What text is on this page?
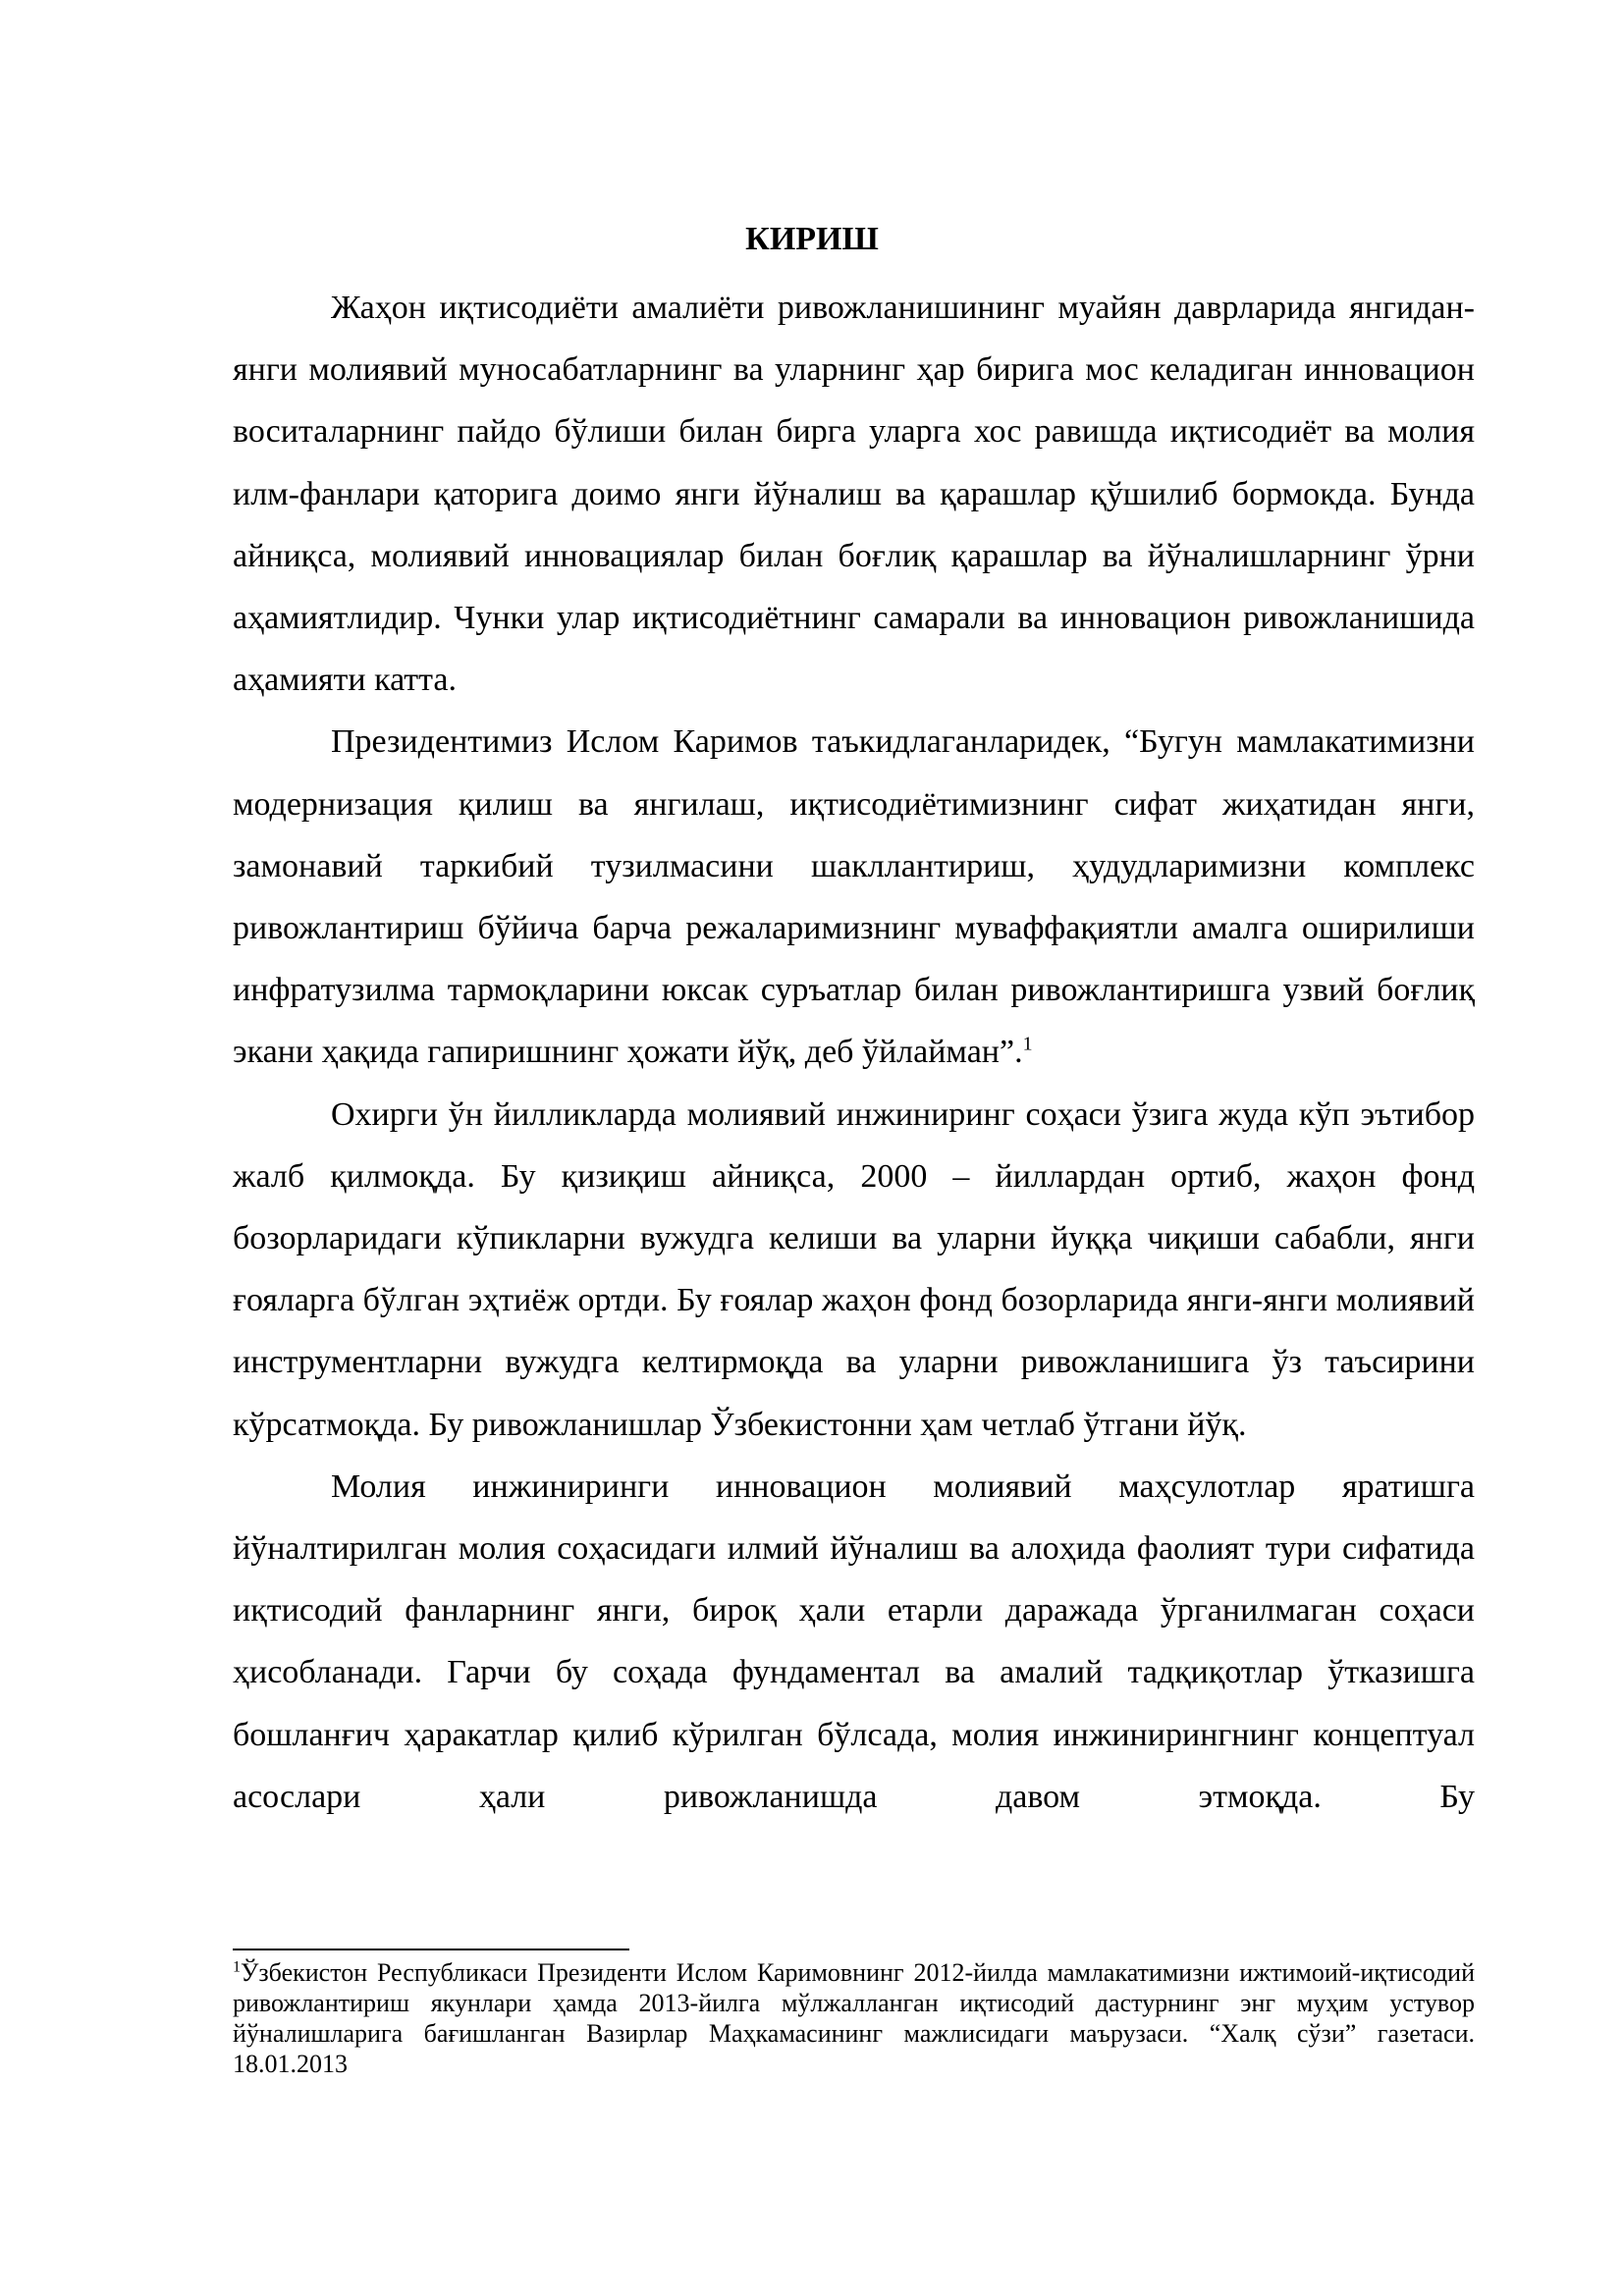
КИРИШ

Жаҳон иқтисодиёти амалиёти ривожланишининг муайян даврларида янгидан-янги молиявий муносабатларнинг ва уларнинг ҳар бирига мос келадиган инновацион воситаларнинг пайдо бўлиши билан бирга уларга хос равишда иқтисодиёт ва молия илм-фанлари қаторига доимо янги йўналиш ва қарашлар қўшилиб бормокда. Бунда айниқса, молиявий инновациялар билан боғлиқ қарашлар ва йўналишларнинг ўрни аҳамиятлидир. Чунки улар иқтисодиётнинг самарали ва инновацион ривожланишида аҳамияти катта.

Президентимиз Ислом Каримов таъкидлаганларидек, “Бугун мамлакатимизни модернизация қилиш ва янгилаш, иқтисодиётимизнинг сифат жиҳатидан янги, замонавий таркибий тузилмасини шакллантириш, ҳудудларимизни комплекс ривожлантириш бўйича барча режаларимизнинг муваффақиятли амалга оширилиши инфратузилма тармоқларини юксак суръатлар билан ривожлантиришга узвий боғлиқ экани ҳақида гапиришнинг ҳожати йўқ, деб ўйлайман”.$^1$

Охирги ўн йилликларда молиявий инжиниринг соҳаси ўзига жуда кўп эътибор жалб қилмоқда. Бу қизиқиш айниқса, 2000 – йиллардан ортиб, жаҳон фонд бозорларидаги кўпикларни вужудга келиши ва уларни йуққа чиқиши сабабли, янги ғояларга бўлган эҳтиёж ортди. Бу ғоялар жаҳон фонд бозорларида янги-янги молиявий инструментларни вужудга келтирмоқда ва уларни ривожланишига ўз таъсирини кўрсатмоқда. Бу ривожланишлар Ўзбекистонни ҳам четлаб ўтгани йўқ.

Молия инжиниринги инновацион молиявий маҳсулотлар яратишга йўналтирилган молия соҳасидаги илмий йўналиш ва алоҳида фаолият тури сифатида иқтисодий фанларнинг янги, бироқ ҳали етарли даражада ўрганилмаган соҳаси ҳисобланади. Гарчи бу соҳада фундаментал ва амалий тадқиқотлар ўтказишга бошланғич ҳаракатлар қилиб кўрилган бўлсада, молия инжинирингнинг концептуал асослари ҳали ривожланишда давом этмоқда. Бу

$^1$Ўзбекистон Республикаси Президенти Ислом Каримовнинг 2012-йилда мамлакатимизни ижтимоий-иқтисодий ривожлантириш якунлари ҳамда 2013-йилга мўлжалланган иқтисодий дастурнинг энг муҳим устувор йўналишларига бағишланган Вазирлар Маҳкамасининг мажлисидаги маърузаси. “Халқ сўзи” газетаси. 18.01.2013
